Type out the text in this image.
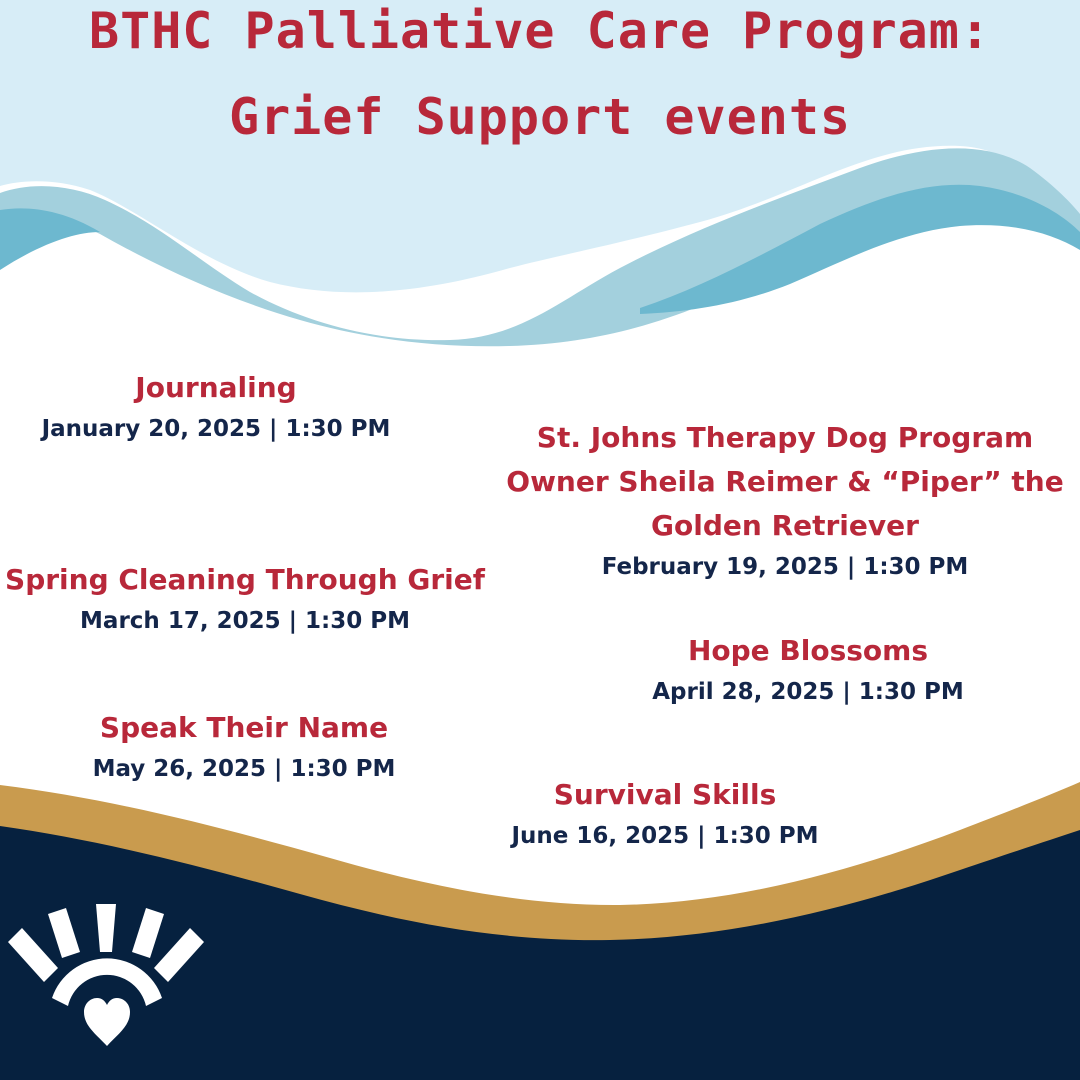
BTHC Palliative Care Program:
Grief Support events
Journaling
January 20, 2025 | 1:30 PM	St. Johns Therapy Dog Program
Owner Sheila Reimer & “Piper” the
Golden Retriever
February 19, 2025 | 1:30 PM
Spring Cleaning Through Grief
March 17, 2025 | 1:30 PM
Hope Blossoms
April 28, 2025 | 1:30 PM
Speak Their Name
May 26, 2025 | 1:30 PM
Survival Skills
June 16, 2025 | 1:30 PM
